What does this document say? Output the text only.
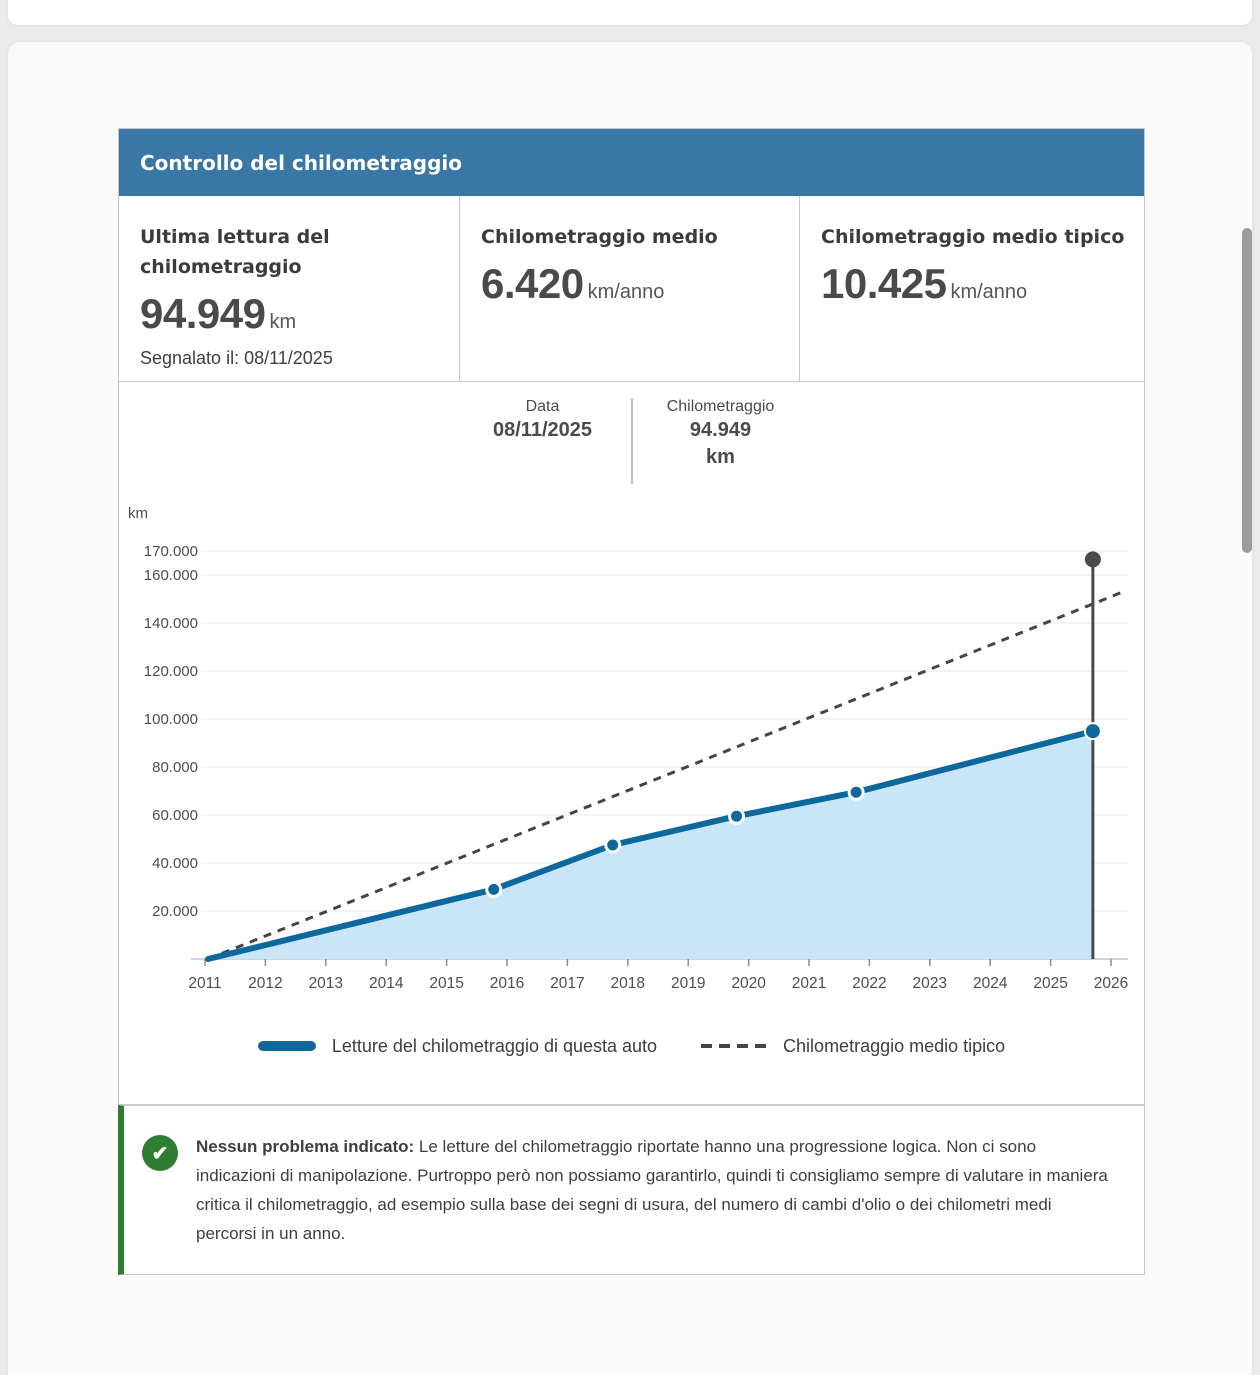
Controllo del chilometraggio
Ultima lettura del chilometraggio
94.949 km
Segnalato il: 08/11/2025
Chilometraggio medio
6.420 km/anno
Chilometraggio medio tipico
10.425 km/anno
Data
08/11/2025
Chilometraggio
94.949
km
20.000
40.000
60.000
80.000
100.000
120.000
140.000
160.000
170.000
km
2011 2012 2013 2014 2015 2016 2017 2018 2019 2020 2021 2022 2023 2024 2025 2026
Letture del chilometraggio di questa auto	Chilometraggio medio tipico
✔	Nessun problema indicato: Le letture del chilometraggio riportate hanno una progressione logica. Non ci sono indicazioni di manipolazione. Purtroppo però non possiamo garantirlo, quindi ti consigliamo sempre di valutare in maniera critica il chilometraggio, ad esempio sulla base dei segni di usura, del numero di cambi d'olio o dei chilometri medi percorsi in un anno.
